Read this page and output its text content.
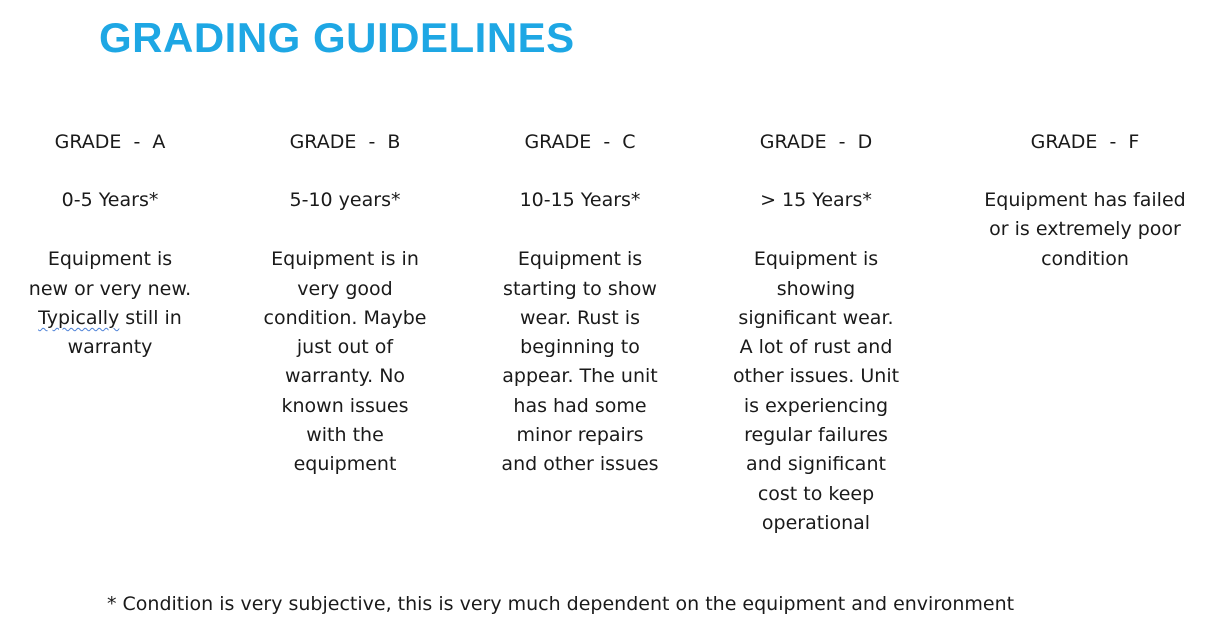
GRADING GUIDELINES
GRADE  -  A
0-5 Years*
Equipment is
new or very new.
Typically still in
warranty
GRADE  -  B
5-10 years*
Equipment is in
very good
condition. Maybe
just out of
warranty. No
known issues
with the
equipment
GRADE  -  C
10-15 Years*
Equipment is
starting to show
wear. Rust is
beginning to
appear. The unit
has had some
minor repairs
and other issues
GRADE  -  D
> 15 Years*
Equipment is
showing
significant wear.
A lot of rust and
other issues. Unit
is experiencing
regular failures
and significant
cost to keep
operational
GRADE  -  F
Equipment has failed
or is extremely poor
condition
* Condition is very subjective, this is very much dependent on the equipment and environment
